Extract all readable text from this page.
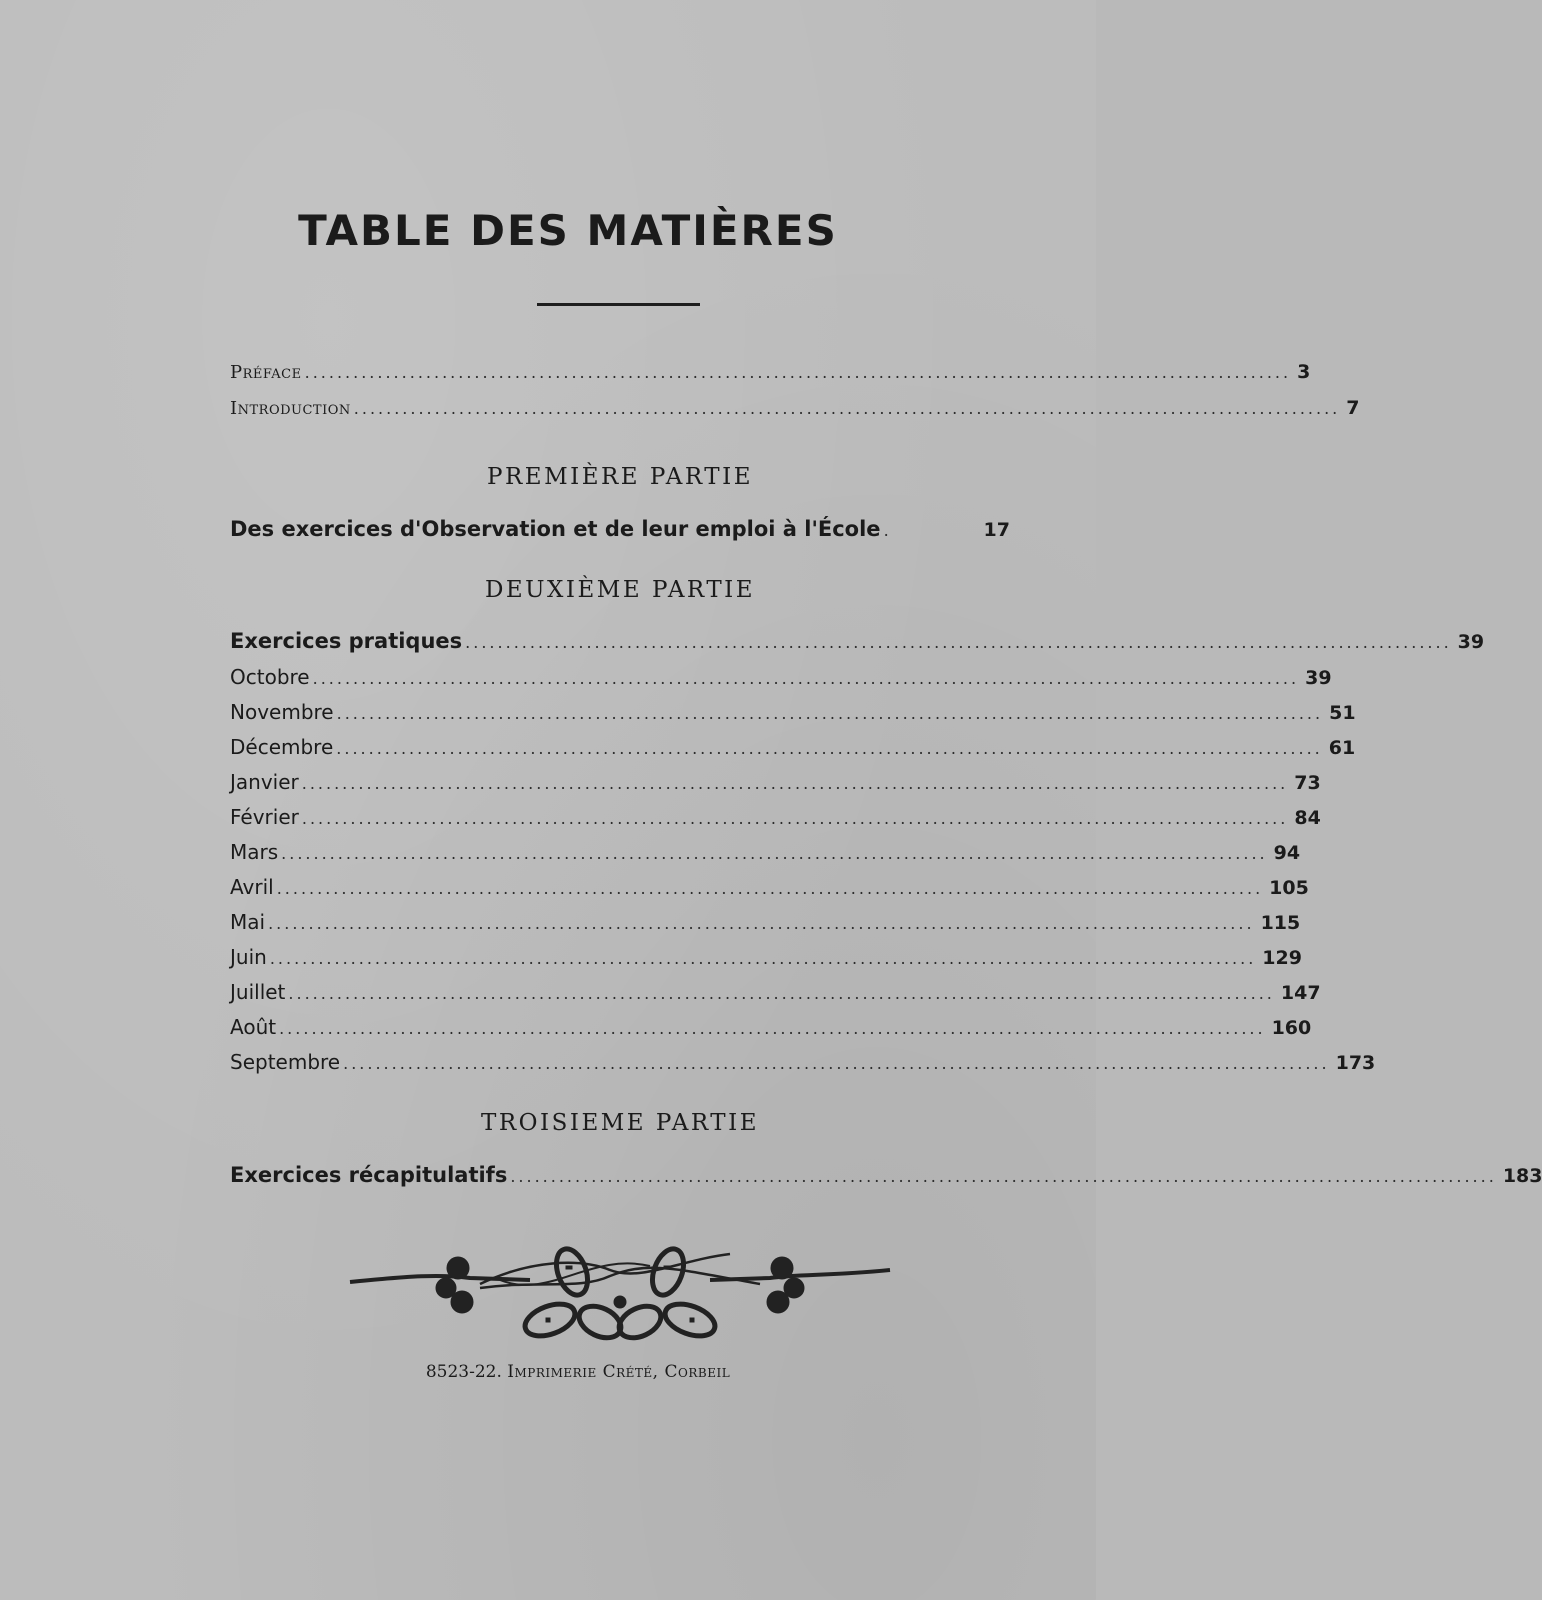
TABLE DES MATIÈRES
Préface .......................................................................................................................... 3
Introduction .......................................................................................................................... 7
PREMIÈRE PARTIE
Des exercices d'Observation et de leur emploi à l'École .	17
DEUXIÈME PARTIE
Exercices pratiques .......................................................................................................................... 39
Octobre .......................................................................................................................... 39
Novembre .......................................................................................................................... 51
Décembre .......................................................................................................................... 61
Janvier .......................................................................................................................... 73
Février .......................................................................................................................... 84
Mars .......................................................................................................................... 94
Avril .......................................................................................................................... 105
Mai .......................................................................................................................... 115
Juin .......................................................................................................................... 129
Juillet .......................................................................................................................... 147
Août .......................................................................................................................... 160
Septembre .......................................................................................................................... 173
TROISIEME PARTIE
Exercices récapitulatifs .......................................................................................................................... 183
8523-22. Imprimerie Crété, Corbeil
